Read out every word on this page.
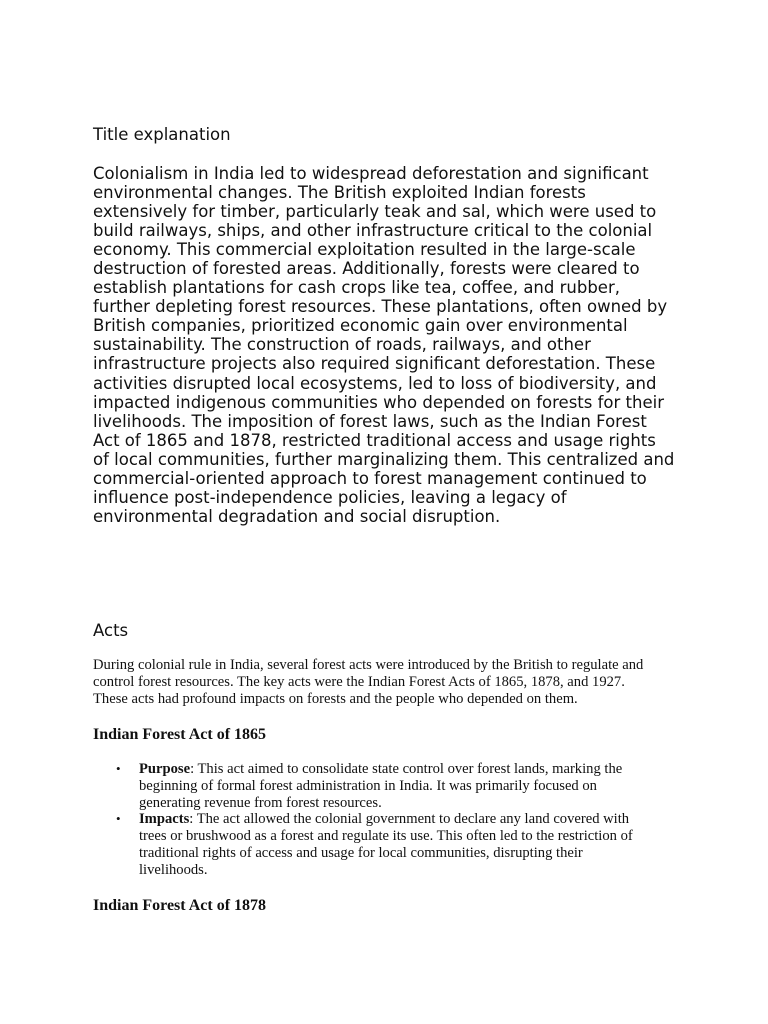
Title explanation

Colonialism in India led to widespread deforestation and significant environmental changes. The British exploited Indian forests extensively for timber, particularly teak and sal, which were used to build railways, ships, and other infrastructure critical to the colonial economy. This commercial exploitation resulted in the large-scale destruction of forested areas. Additionally, forests were cleared to establish plantations for cash crops like tea, coffee, and rubber, further depleting forest resources. These plantations, often owned by British companies, prioritized economic gain over environmental sustainability. The construction of roads, railways, and other infrastructure projects also required significant deforestation. These activities disrupted local ecosystems, led to loss of biodiversity, and impacted indigenous communities who depended on forests for their livelihoods. The imposition of forest laws, such as the Indian Forest Act of 1865 and 1878, restricted traditional access and usage rights of local communities, further marginalizing them. This centralized and commercial-oriented approach to forest management continued to influence post-independence policies, leaving a legacy of environmental degradation and social disruption.

Acts

During colonial rule in India, several forest acts were introduced by the British to regulate and control forest resources. The key acts were the Indian Forest Acts of 1865, 1878, and 1927. These acts had profound impacts on forests and the people who depended on them.

Indian Forest Act of 1865

• Purpose: This act aimed to consolidate state control over forest lands, marking the beginning of formal forest administration in India. It was primarily focused on generating revenue from forest resources.
• Impacts: The act allowed the colonial government to declare any land covered with trees or brushwood as a forest and regulate its use. This often led to the restriction of traditional rights of access and usage for local communities, disrupting their livelihoods.

Indian Forest Act of 1878
